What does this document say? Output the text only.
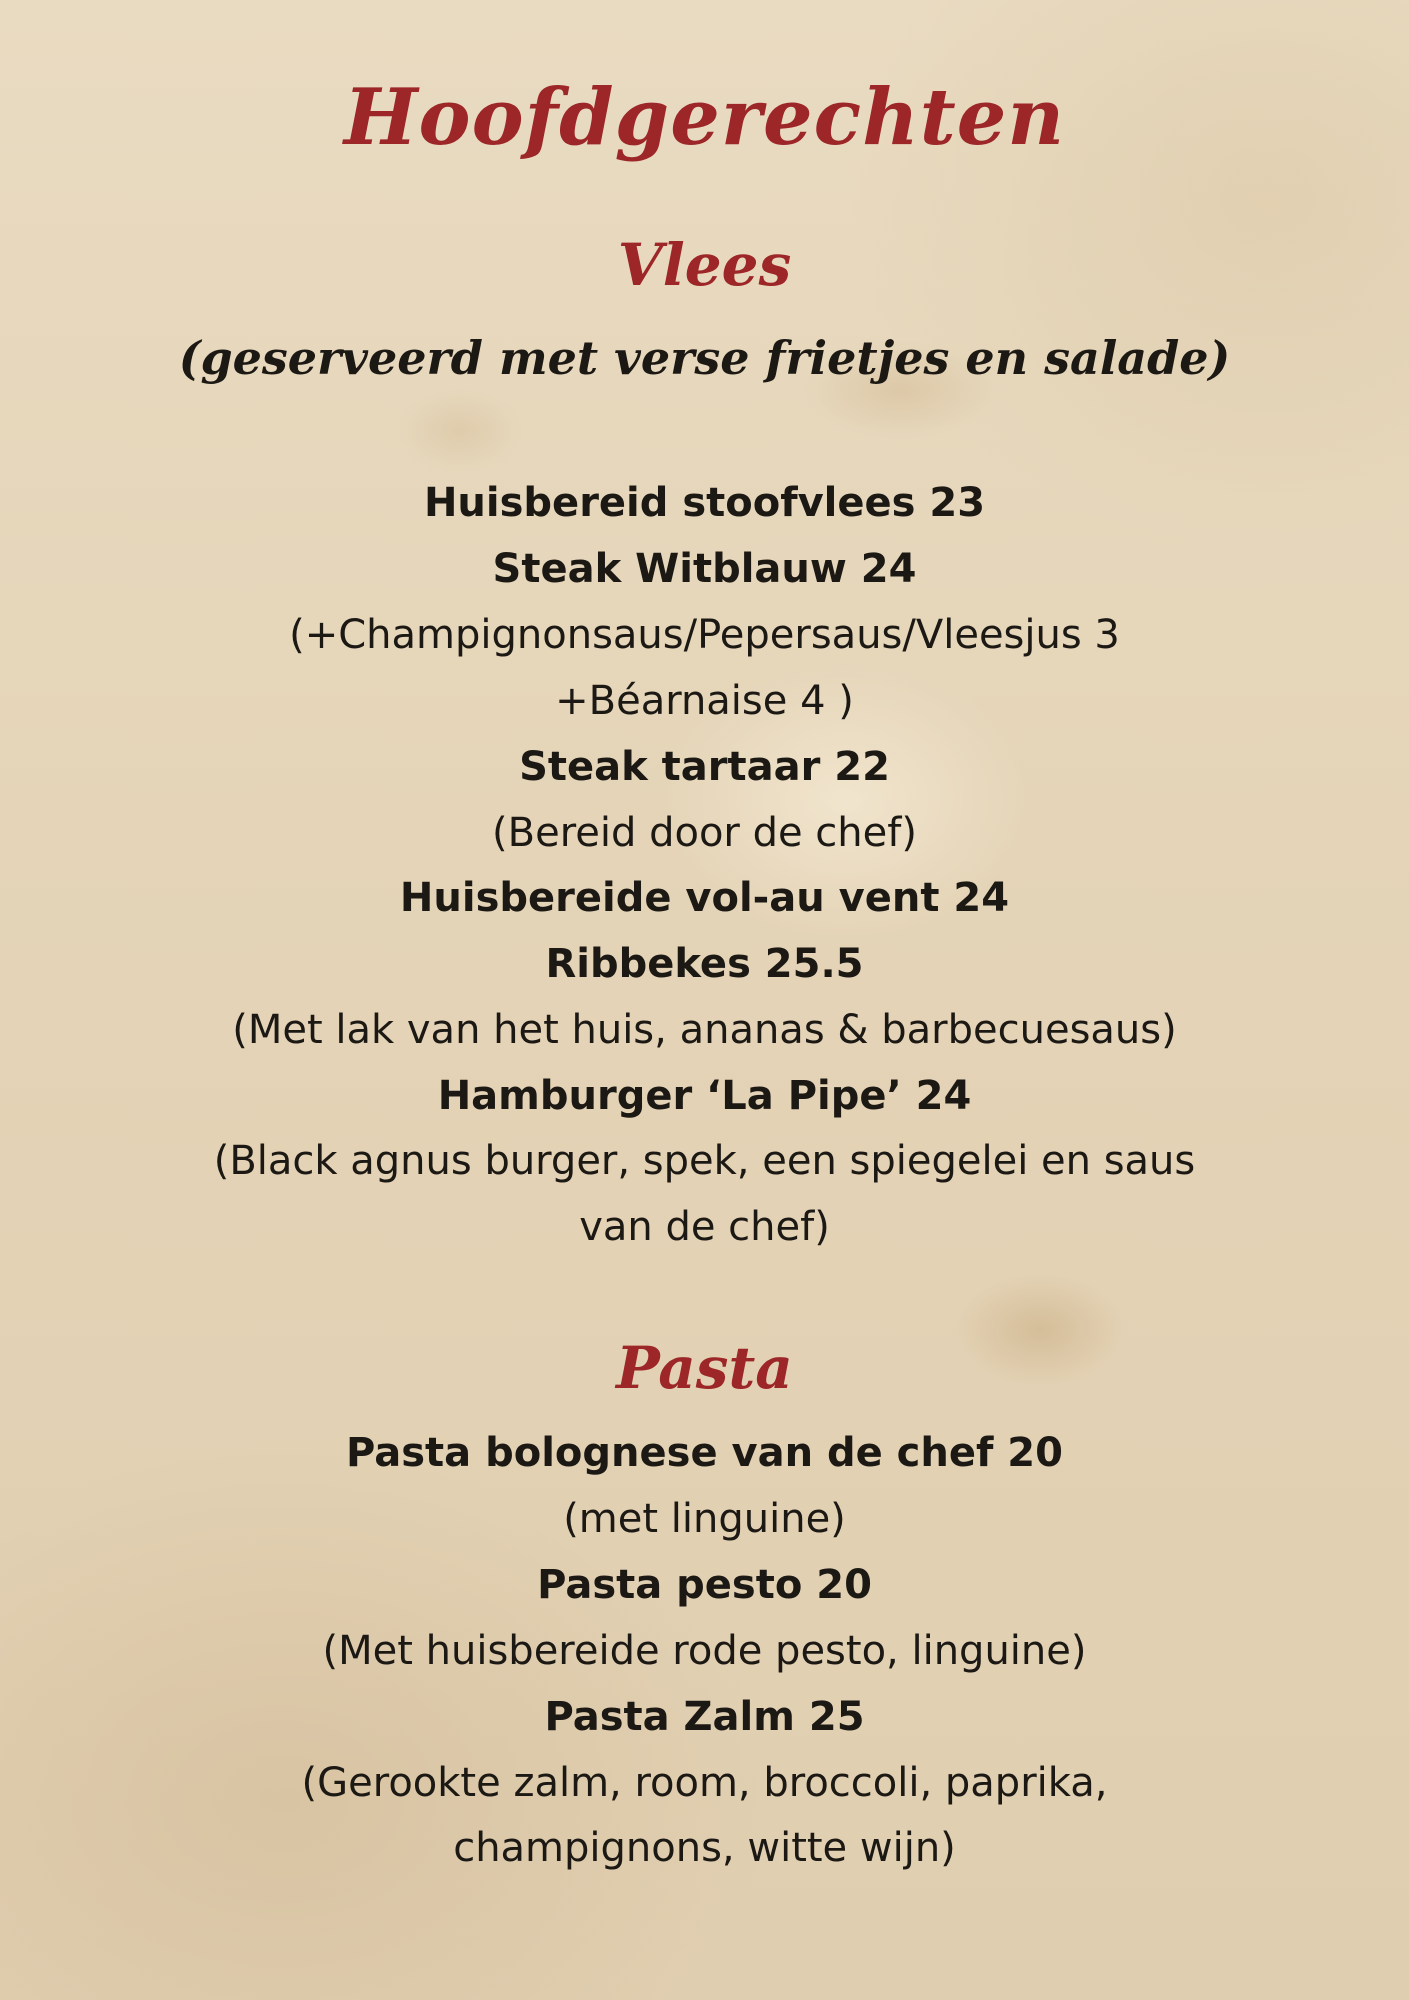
Hoofdgerechten
Vlees
(geserveerd met verse frietjes en salade)
Huisbereid stoofvlees 23
Steak Witblauw 24
(+Champignonsaus/Pepersaus/Vleesjus 3
+Béarnaise 4 )
Steak tartaar 22
(Bereid door de chef)
Huisbereide vol-au vent 24
Ribbekes 25.5
(Met lak van het huis, ananas & barbecuesaus)
Hamburger ‘La Pipe’ 24
(Black agnus burger, spek, een spiegelei en saus
van de chef)
Pasta
Pasta bolognese van de chef 20
(met linguine)
Pasta pesto 20
(Met huisbereide rode pesto, linguine)
Pasta Zalm 25
(Gerookte zalm, room, broccoli, paprika,
champignons, witte wijn)
